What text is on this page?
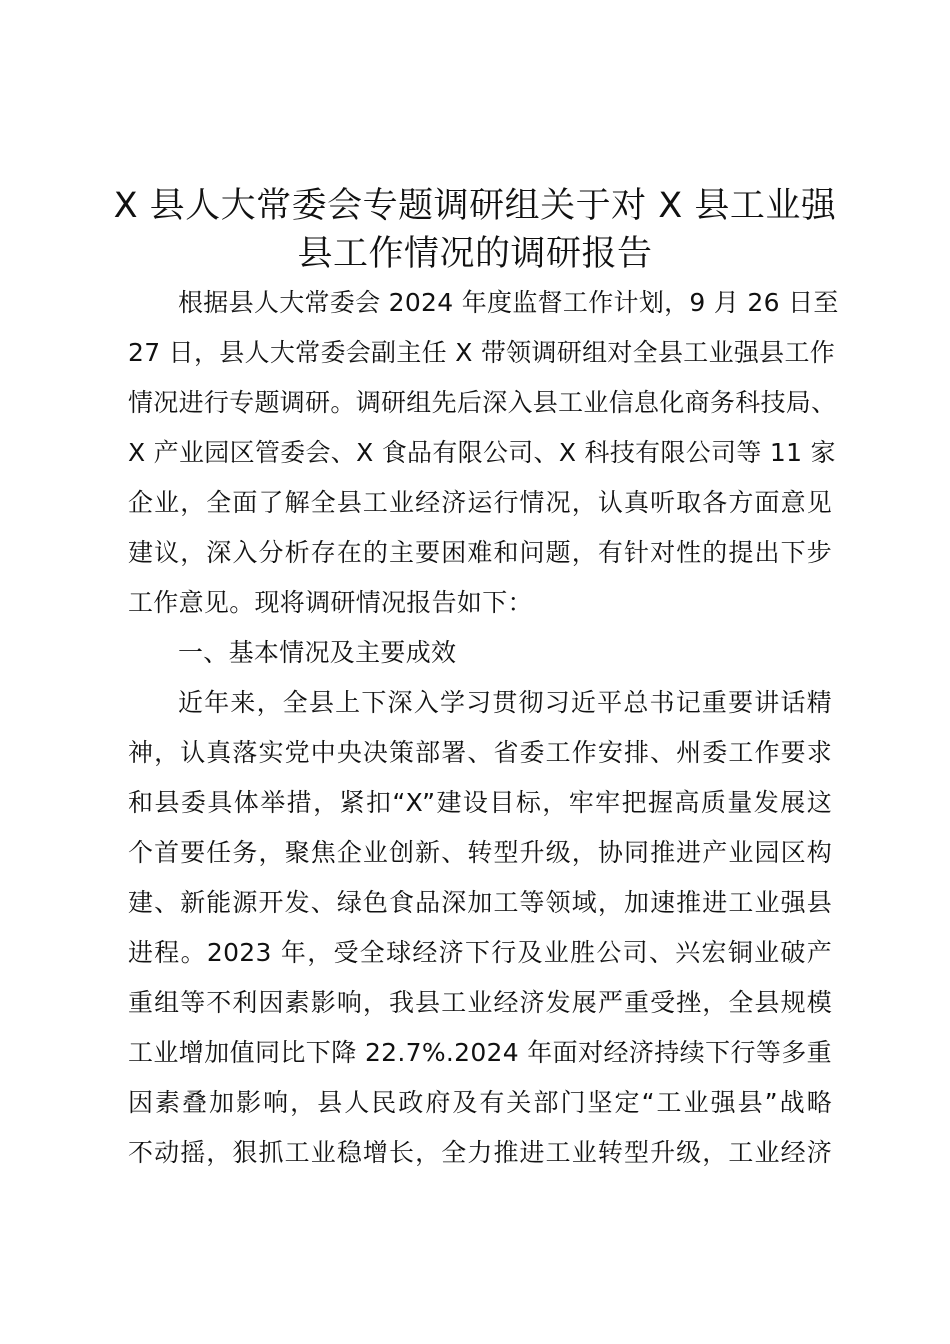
X 县人大常委会专题调研组关于对 X 县工业强
县工作情况的调研报告
根据县人大常委会 2024 年度监督工作计划，9 月 26 日至
27 日，县人大常委会副主任 X 带领调研组对全县工业强县工作
情况进行专题调研。调研组先后深入县工业信息化商务科技局、
X 产业园区管委会、X 食品有限公司、X 科技有限公司等 11 家
企业，全面了解全县工业经济运行情况，认真听取各方面意见
建议，深入分析存在的主要困难和问题，有针对性的提出下步
工作意见。现将调研情况报告如下：
一、基本情况及主要成效
近年来，全县上下深入学习贯彻习近平总书记重要讲话精
神，认真落实党中央决策部署、省委工作安排、州委工作要求
和县委具体举措，紧扣“X”建设目标，牢牢把握高质量发展这
个首要任务，聚焦企业创新、转型升级，协同推进产业园区构
建、新能源开发、绿色食品深加工等领域，加速推进工业强县
进程。2023 年，受全球经济下行及业胜公司、兴宏铜业破产
重组等不利因素影响，我县工业经济发展严重受挫，全县规模
工业增加值同比下降 22.7%.2024 年面对经济持续下行等多重
因素叠加影响，县人民政府及有关部门坚定“工业强县”战略
不动摇，狠抓工业稳增长，全力推进工业转型升级，工业经济
